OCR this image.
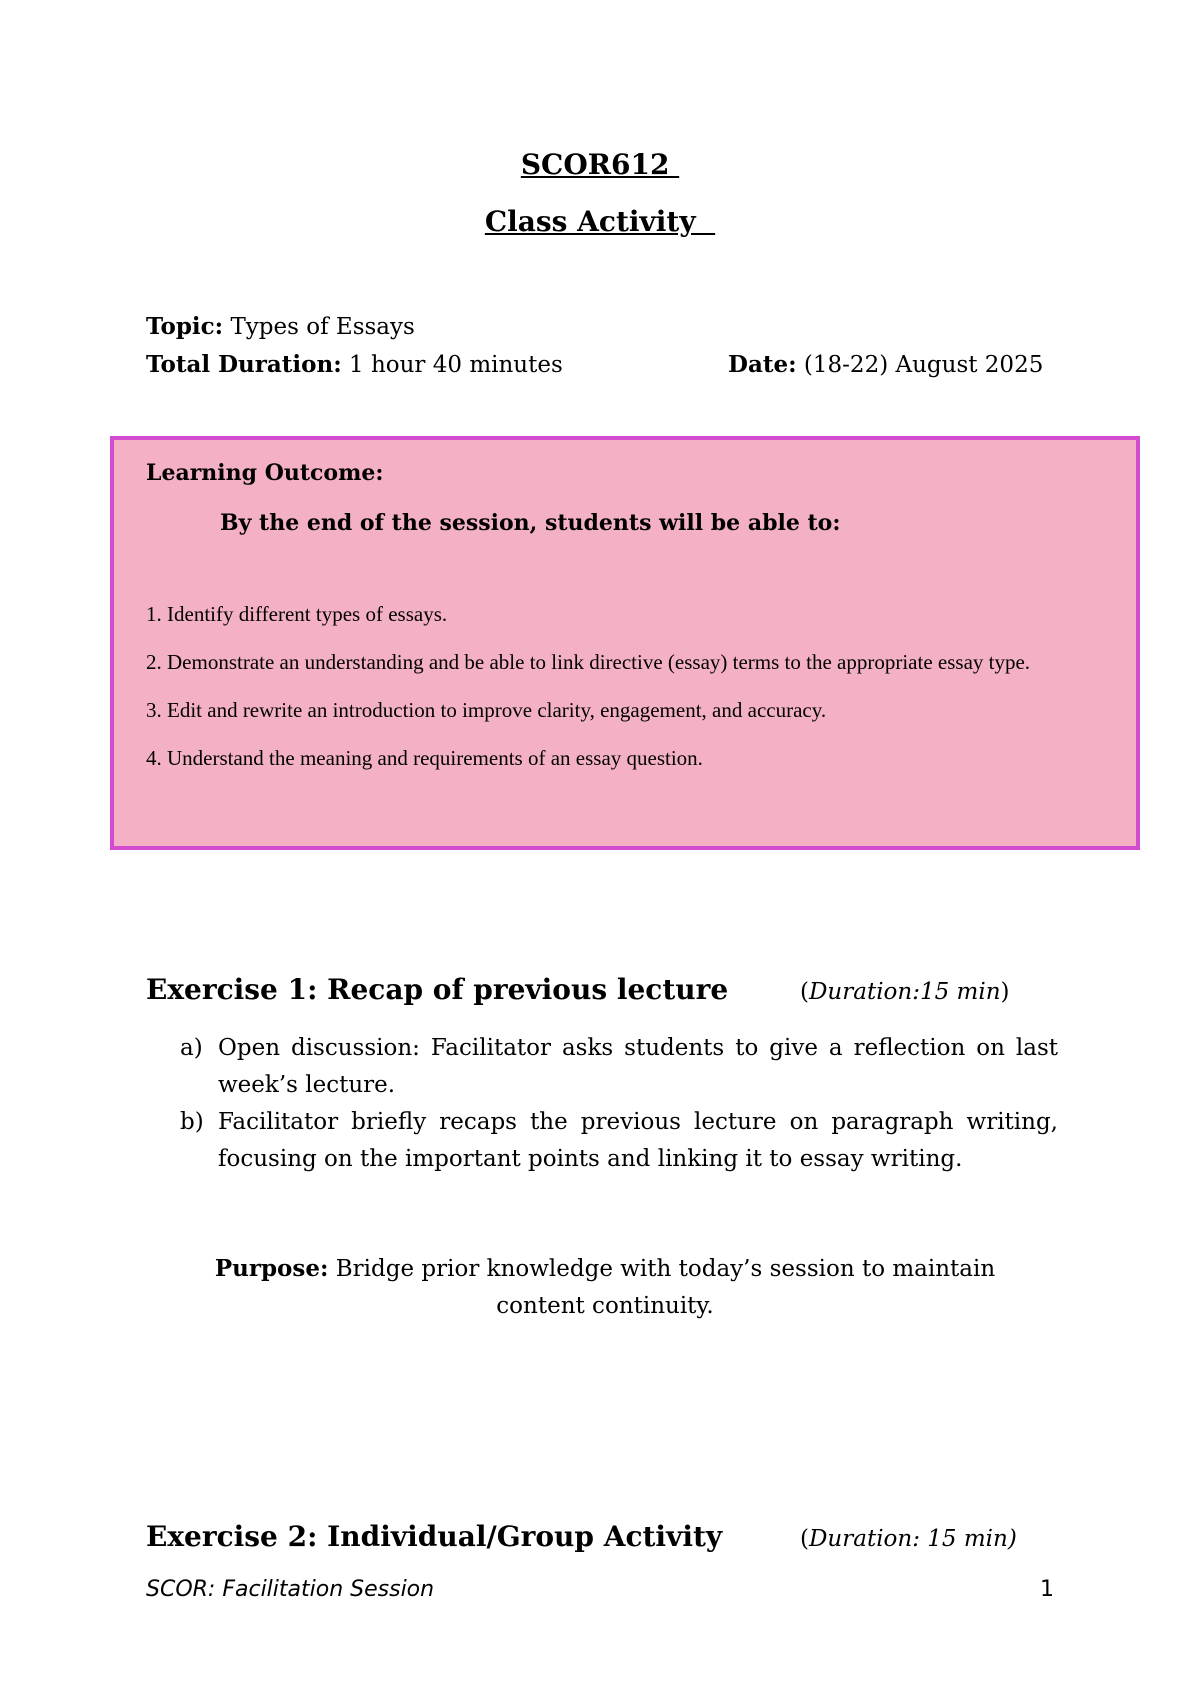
SCOR612
Class Activity
Topic: Types of Essays
Total Duration: 1 hour 40 minutes	Date: (18-22) August 2025
Learning Outcome:
By the end of the session, students will be able to:
1. Identify different types of essays.
2. Demonstrate an understanding and be able to link directive (essay) terms to the appropriate essay type.
3. Edit and rewrite an introduction to improve clarity, engagement, and accuracy.
4. Understand the meaning and requirements of an essay question.
Exercise 1: Recap of previous lecture	(Duration:15 min)
a) Open discussion: Facilitator asks students to give a reflection on last week’s lecture.
b) Facilitator briefly recaps the previous lecture on paragraph writing, focusing on the important points and linking it to essay writing.
Purpose: Bridge prior knowledge with today’s session to maintain content continuity.
Exercise 2: Individual/Group Activity	(Duration: 15 min)
SCOR: Facilitation Session	1
